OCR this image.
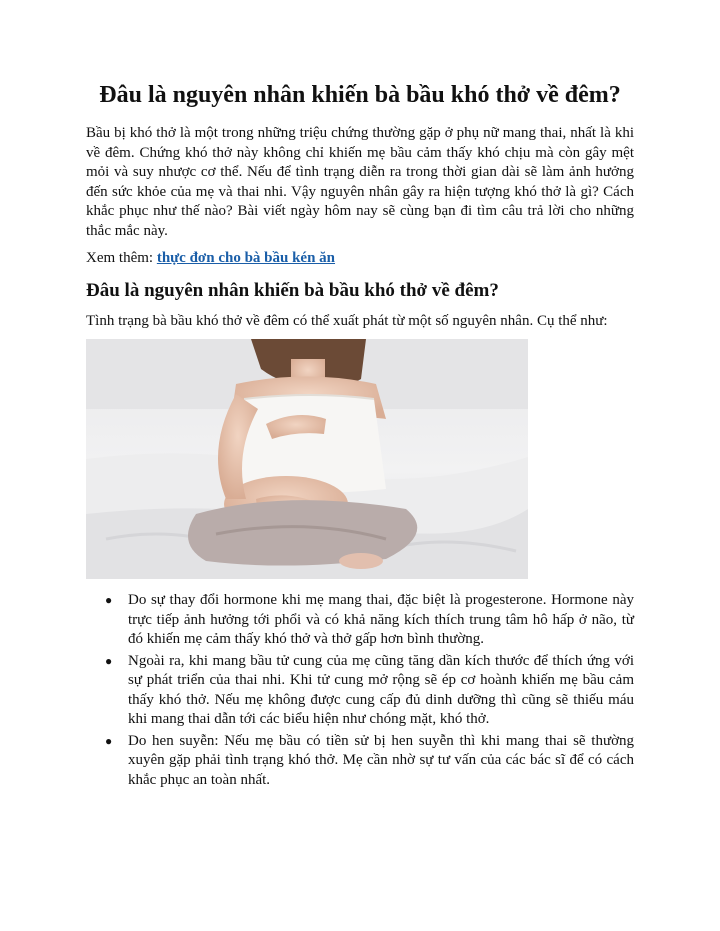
Đâu là nguyên nhân khiến bà bầu khó thở về đêm?

Bầu bị khó thở là một trong những triệu chứng thường gặp ở phụ nữ mang thai, nhất là khi về đêm. Chứng khó thở này không chỉ khiến mẹ bầu cảm thấy khó chịu mà còn gây mệt mỏi và suy nhược cơ thể. Nếu để tình trạng diễn ra trong thời gian dài sẽ làm ảnh hưởng đến sức khỏe của mẹ và thai nhi. Vậy nguyên nhân gây ra hiện tượng khó thở là gì? Cách khắc phục như thế nào? Bài viết ngày hôm nay sẽ cùng bạn đi tìm câu trả lời cho những thắc mắc này.

Xem thêm: thực đơn cho bà bầu kén ăn

Đâu là nguyên nhân khiến bà bầu khó thở về đêm?

Tình trạng bà bầu khó thở về đêm có thể xuất phát từ một số nguyên nhân. Cụ thể như:

● Do sự thay đổi hormone khi mẹ mang thai, đặc biệt là progesterone. Hormone này trực tiếp ảnh hưởng tới phổi và có khả năng kích thích trung tâm hô hấp ở não, từ đó khiến mẹ cảm thấy khó thở và thở gấp hơn bình thường.
● Ngoài ra, khi mang bầu tử cung của mẹ cũng tăng dần kích thước để thích ứng với sự phát triển của thai nhi. Khi tử cung mở rộng sẽ ép cơ hoành khiến mẹ bầu cảm thấy khó thở. Nếu mẹ không được cung cấp đủ dinh dưỡng thì cũng sẽ thiếu máu khi mang thai dẫn tới các biểu hiện như chóng mặt, khó thở.
● Do hen suyễn: Nếu mẹ bầu có tiền sử bị hen suyễn thì khi mang thai sẽ thường xuyên gặp phải tình trạng khó thở. Mẹ cần nhờ sự tư vấn của các bác sĩ để có cách khắc phục an toàn nhất.
